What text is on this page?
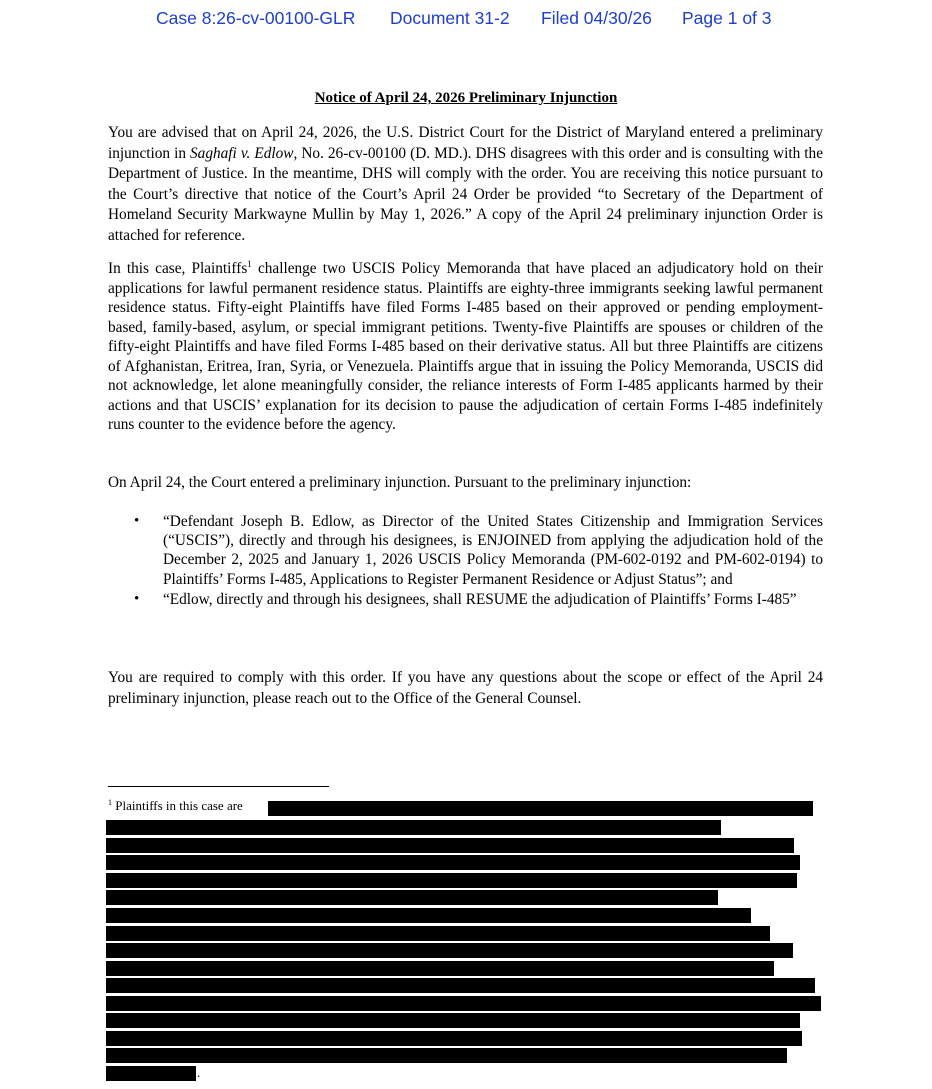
Case 8:26-cv-00100-GLR Document 31-2 Filed 04/30/26 Page 1 of 3
Notice of April 24, 2026 Preliminary Injunction

You are advised that on April 24, 2026, the U.S. District Court for the District of Maryland entered a preliminary injunction in Saghafi v. Edlow, No. 26-cv-00100 (D. MD.). DHS disagrees with this order and is consulting with the Department of Justice. In the meantime, DHS will comply with the order. You are receiving this notice pursuant to the Court’s directive that notice of the Court’s April 24 Order be provided “to Secretary of the Department of Homeland Security Markwayne Mullin by May 1, 2026.” A copy of the April 24 preliminary injunction Order is attached for reference.

In this case, Plaintiffs$^1$ challenge two USCIS Policy Memoranda that have placed an adjudicatory hold on their applications for lawful permanent residence status. Plaintiffs are eighty-three immigrants seeking lawful permanent residence status. Fifty-eight Plaintiffs have filed Forms I-485 based on their approved or pending employment-based, family-based, asylum, or special immigrant petitions. Twenty-five Plaintiffs are spouses or children of the fifty-eight Plaintiffs and have filed Forms I-485 based on their derivative status. All but three Plaintiffs are citizens of Afghanistan, Eritrea, Iran, Syria, or Venezuela. Plaintiffs argue that in issuing the Policy Memoranda, USCIS did not acknowledge, let alone meaningfully consider, the reliance interests of Form I-485 applicants harmed by their actions and that USCIS’ explanation for its decision to pause the adjudication of certain Forms I-485 indefinitely runs counter to the evidence before the agency.

On April 24, the Court entered a preliminary injunction. Pursuant to the preliminary injunction:

• “Defendant Joseph B. Edlow, as Director of the United States Citizenship and Immigration Services (“USCIS”), directly and through his designees, is ENJOINED from applying the adjudication hold of the December 2, 2025 and January 1, 2026 USCIS Policy Memoranda (PM-602-0192 and PM-602-0194) to Plaintiffs’ Forms I-485, Applications to Register Permanent Residence or Adjust Status”; and
• “Edlow, directly and through his designees, shall RESUME the adjudication of Plaintiffs’ Forms I-485”

You are required to comply with this order. If you have any questions about the scope or effect of the April 24 preliminary injunction, please reach out to the Office of the General Counsel.

$^1$ Plaintiffs in this case are
.
